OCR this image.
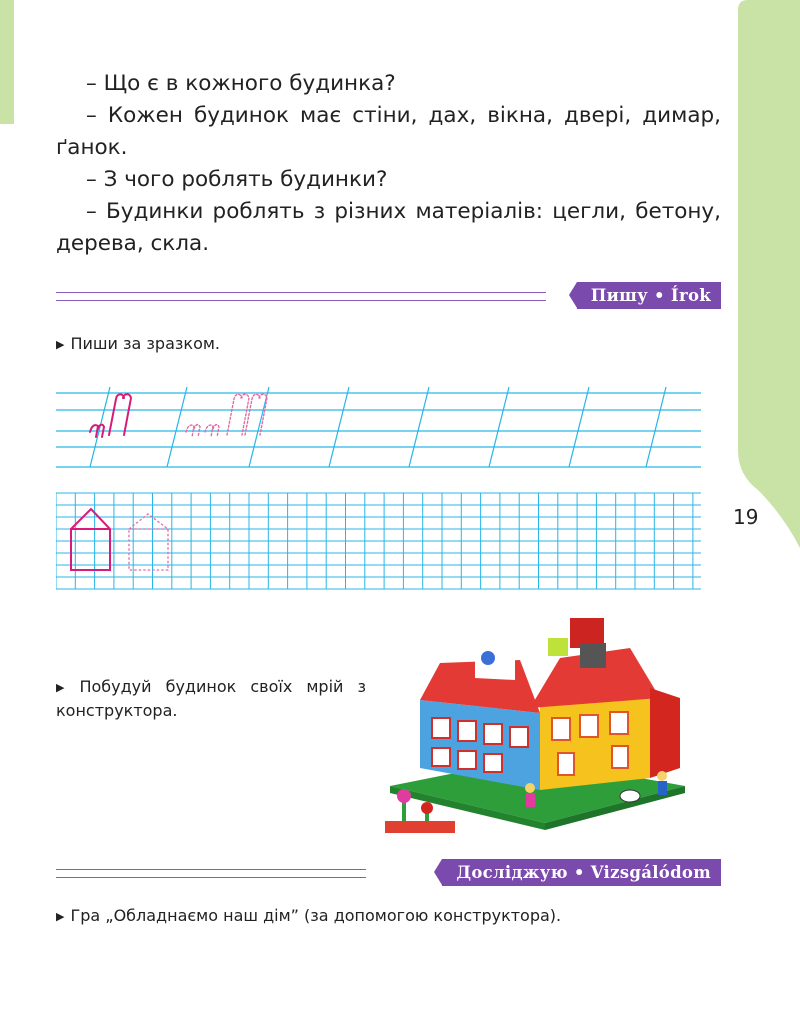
19

– Що є в кожного будинка?

– Кожен будинок має стіни, дах, вікна, двері, димар, ґанок.

– З чого роблять будинки?

– Будинки роблять з різних матеріалів: цегли, бетону, дерева, скла.

Пишу • Írok
▶ Пиши за зразком.
▶ Побудуй будинок своїх мрій з конструктора.
Досліджую • Vizsgálódom
▶ Гра „Обладнаємо наш дім” (за допомогою конструктора).
